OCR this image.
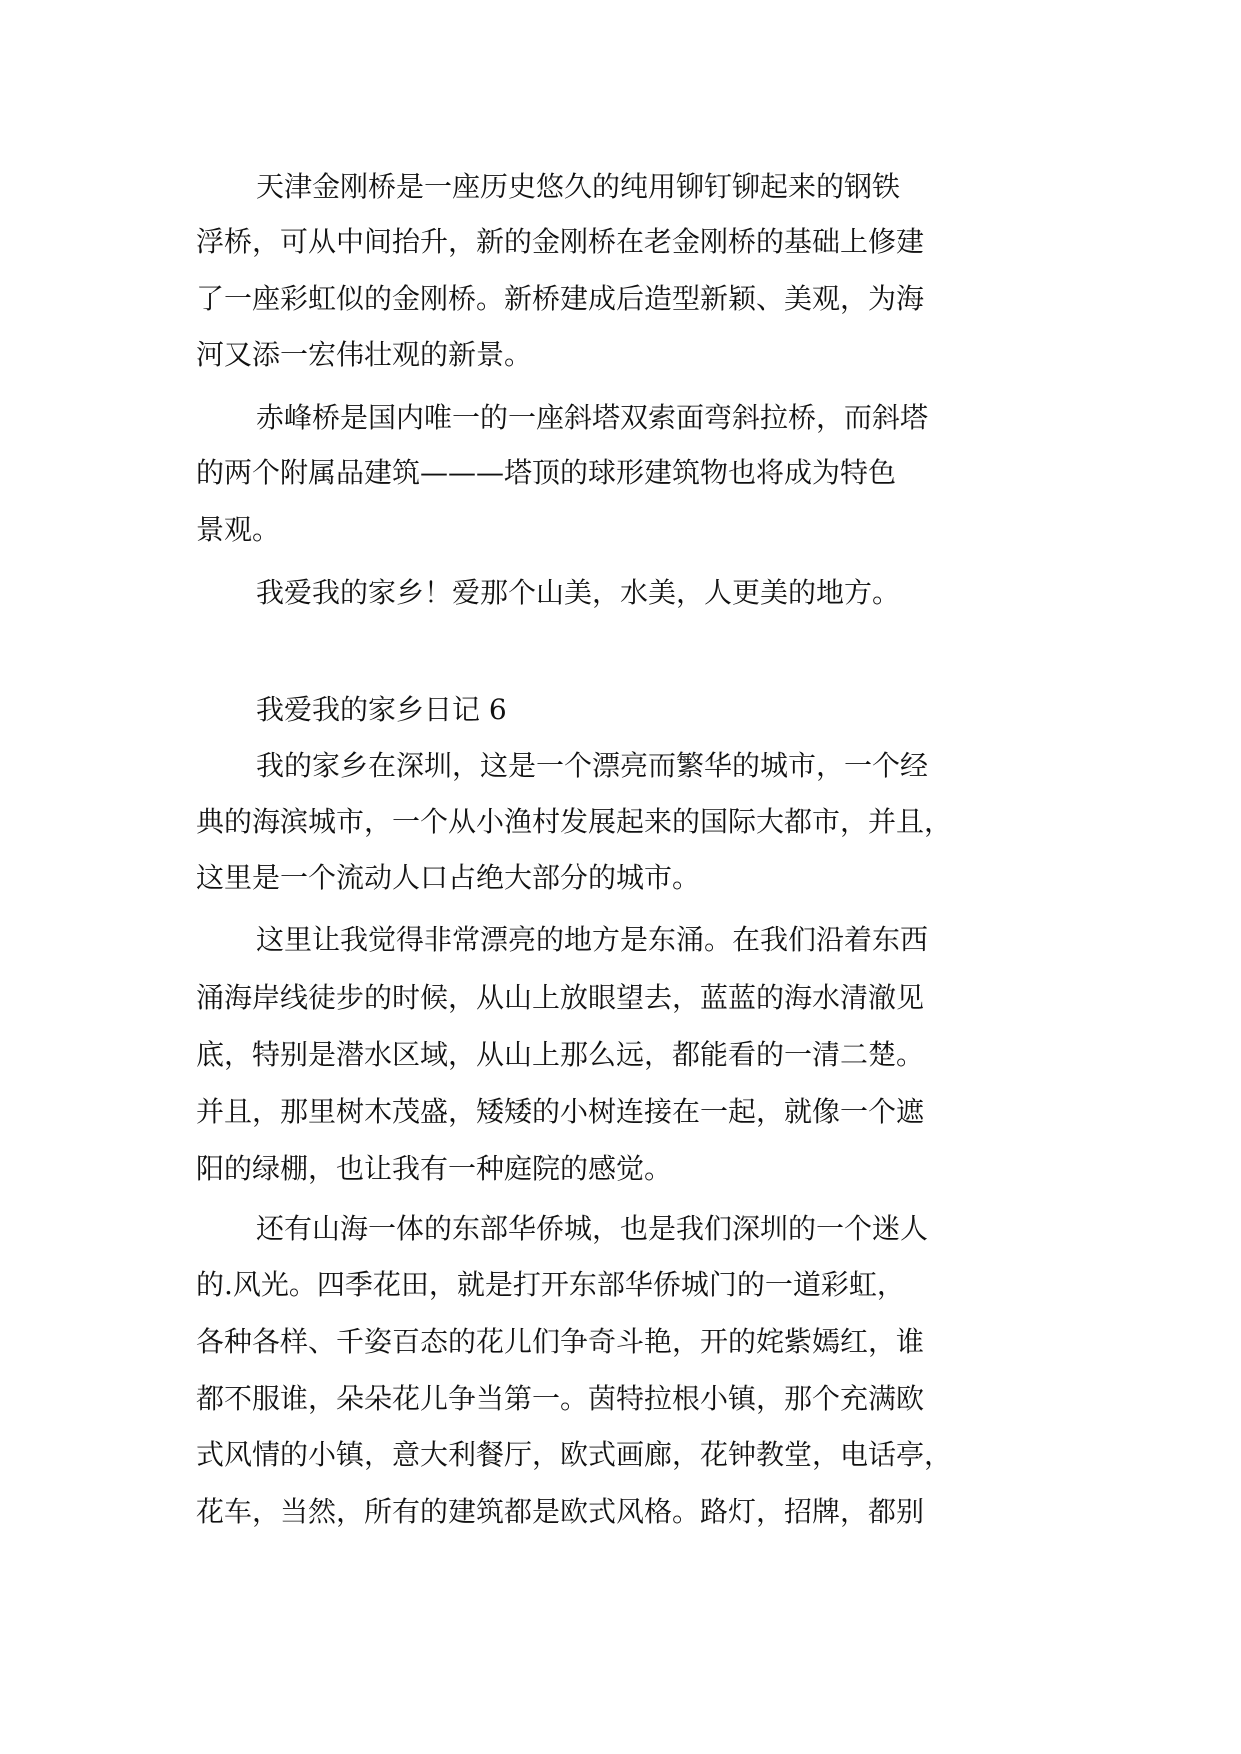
天津金刚桥是一座历史悠久的纯用铆钉铆起来的钢铁
浮桥，可从中间抬升，新的金刚桥在老金刚桥的基础上修建
了一座彩虹似的金刚桥。新桥建成后造型新颖、美观，为海
河又添一宏伟壮观的新景。
赤峰桥是国内唯一的一座斜塔双索面弯斜拉桥，而斜塔
的两个附属品建筑———塔顶的球形建筑物也将成为特色
景观。
我爱我的家乡！爱那个山美，水美，人更美的地方。
我爱我的家乡日记 6
我的家乡在深圳，这是一个漂亮而繁华的城市，一个经
典的海滨城市，一个从小渔村发展起来的国际大都市，并且，
这里是一个流动人口占绝大部分的城市。
这里让我觉得非常漂亮的地方是东涌。在我们沿着东西
涌海岸线徒步的时候，从山上放眼望去，蓝蓝的海水清澈见
底，特别是潜水区域，从山上那么远，都能看的一清二楚。
并且，那里树木茂盛，矮矮的小树连接在一起，就像一个遮
阳的绿棚，也让我有一种庭院的感觉。
还有山海一体的东部华侨城，也是我们深圳的一个迷人
的.风光。四季花田，就是打开东部华侨城门的一道彩虹，
各种各样、千姿百态的花儿们争奇斗艳，开的姹紫嫣红，谁
都不服谁，朵朵花儿争当第一。茵特拉根小镇，那个充满欧
式风情的小镇，意大利餐厅，欧式画廊，花钟教堂，电话亭，
花车，当然，所有的建筑都是欧式风格。路灯，招牌，都别
